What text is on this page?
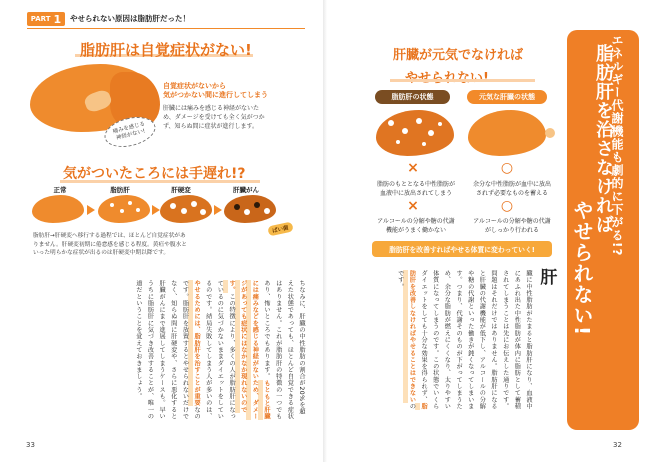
PART 1 やせられない原因は脂肪肝だった！
脂肪肝は自覚症状がない!
自覚症状がないから
気がつかない間に進行してしまう
肝臓には痛みを感じる神経がないた
め、ダメージを受けても全く気がつか
ず、知らぬ間に症状が進行します。
痛みを感じる
神経がない!
気がついたころには手遅れ!?
正常	脂肪肝	肝硬変	肝臓がん
ぱい菌
脂肪肝→肝硬変へ移行する過程では、ほとんど自覚症状があ
りません。肝硬変初期に倦怠感を感じる程度。黄疸や腹水と
いった明らかな症状が出るのは肝硬変中期以降です。
ちなみに、肝臓の中性脂肪の割合が20%を超えた状態であっても、ほとんど自覚できる症状はありません。これが脂肪肝の特徴の一つでもあり、怖いところでもあります。もともと肝臓には痛みなどを感じる神経がないため、ダメージがあっても症状にはなかなか現れないのです。この特徴により、多くの人が脂肪肝になっているのに気づかないままダイエットをしているのです。結局失敗してしまう人が多いのは、やせるためには、脂肪肝を治すことが重要なのです。脂肪肝を放置するとやせられないだけでなく、知らぬ間に肝硬変や、さらに悪化すると肝臓がんにまで進展してしまうケースも。早いうちに脂肪肝に気づき改善することが、唯一の道だということを覚えておきましょう。
33
肝臓が元気でなければ
脂肪肝の状態	元気な肝臓の状態
×	○
脂肪のもととなる中性脂肪が
血液中に放出されてしまう
余分な中性脂肪が血中に放出
されず必要なものを蓄える
×	○
アルコールの分解や糖の代謝
機能がうまく働かない
アルコールの分解や糖の代謝
がしっかり行われる
脂肪肝を改善すればやせる体質に変わっていく!
肝
臓に中性脂肪がたまると脂肪肝になり、血液中にあふれ出た中性脂肪が体内に脂肪として蓄積されてしまうことは先にお伝えした通りです。問題はそれだけではありません。脂肪肝になると肝臓の代謝機能が低下し、アルコールの分解や糖の代謝といった働きが鈍くなってしまいます。つまり、代謝そのものが下がってしまうため、余分な脂肪が燃えにくくなり、太りやすい体質になってしまうのです。この状態でいくらダイエットをしても十分な効果を得られず、脂肪肝を改善しなければやせることはできないのです。
エネルギー代謝機能も劇的に下がる!?
脂肪肝を治さなければ
やせられない!
32
